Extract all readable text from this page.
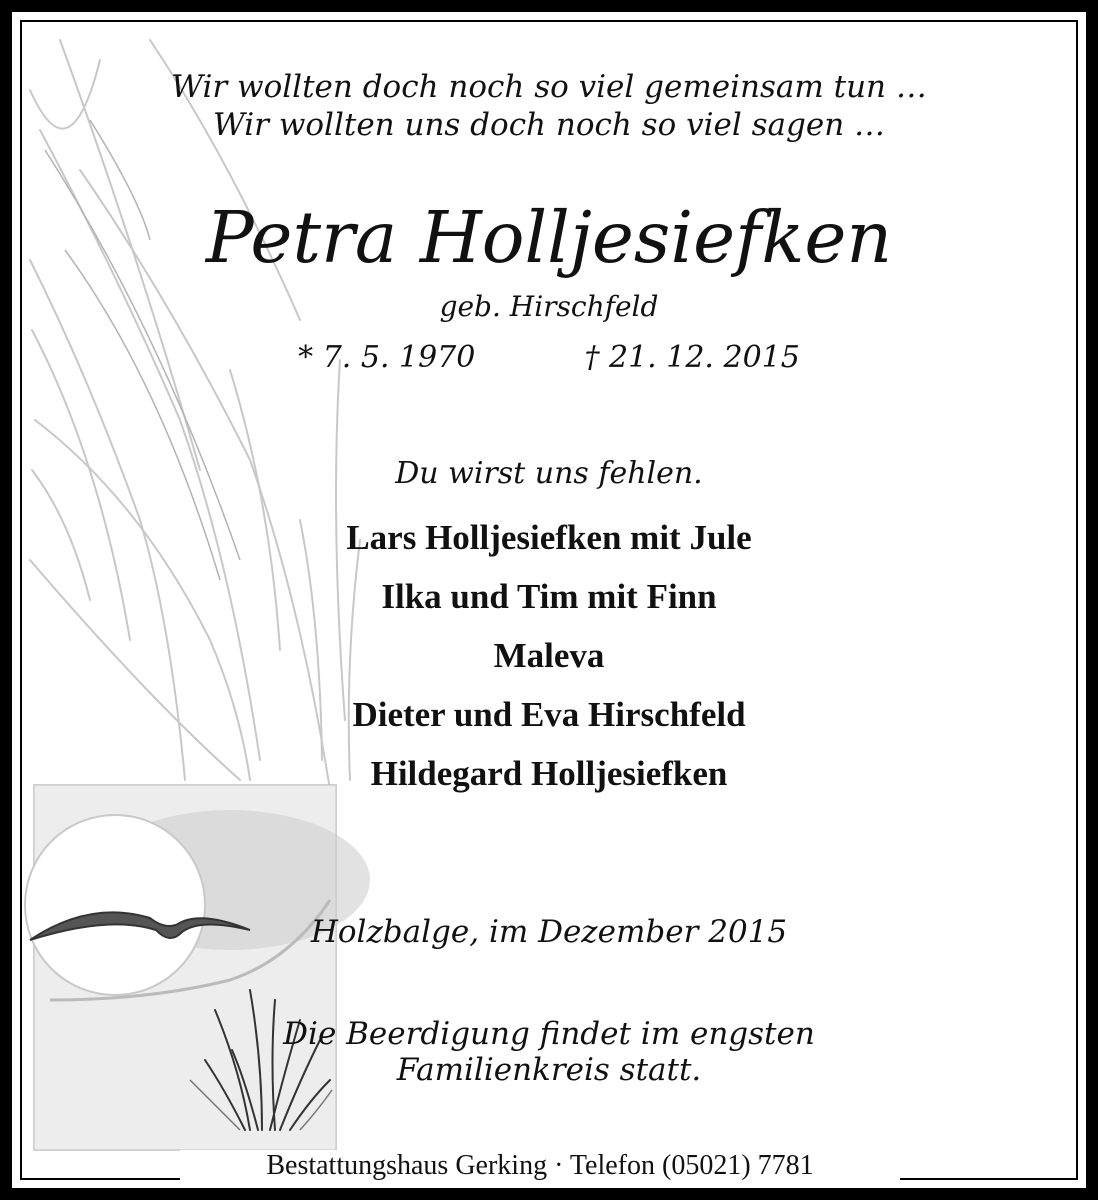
Wir wollten doch noch so viel gemeinsam tun …
Wir wollten uns doch noch so viel sagen …
Petra Holljesiefken
geb. Hirschfeld
* 7. 5. 1970	† 21. 12. 2015
Du wirst uns fehlen.
Lars Holljesiefken mit Jule
Ilka und Tim mit Finn
Maleva
Dieter und Eva Hirschfeld
Hildegard Holljesiefken
Holzbalge, im Dezember 2015
Die Beerdigung findet im engsten
Familienkreis statt.
Bestattungshaus Gerking · Telefon (05021) 7781
